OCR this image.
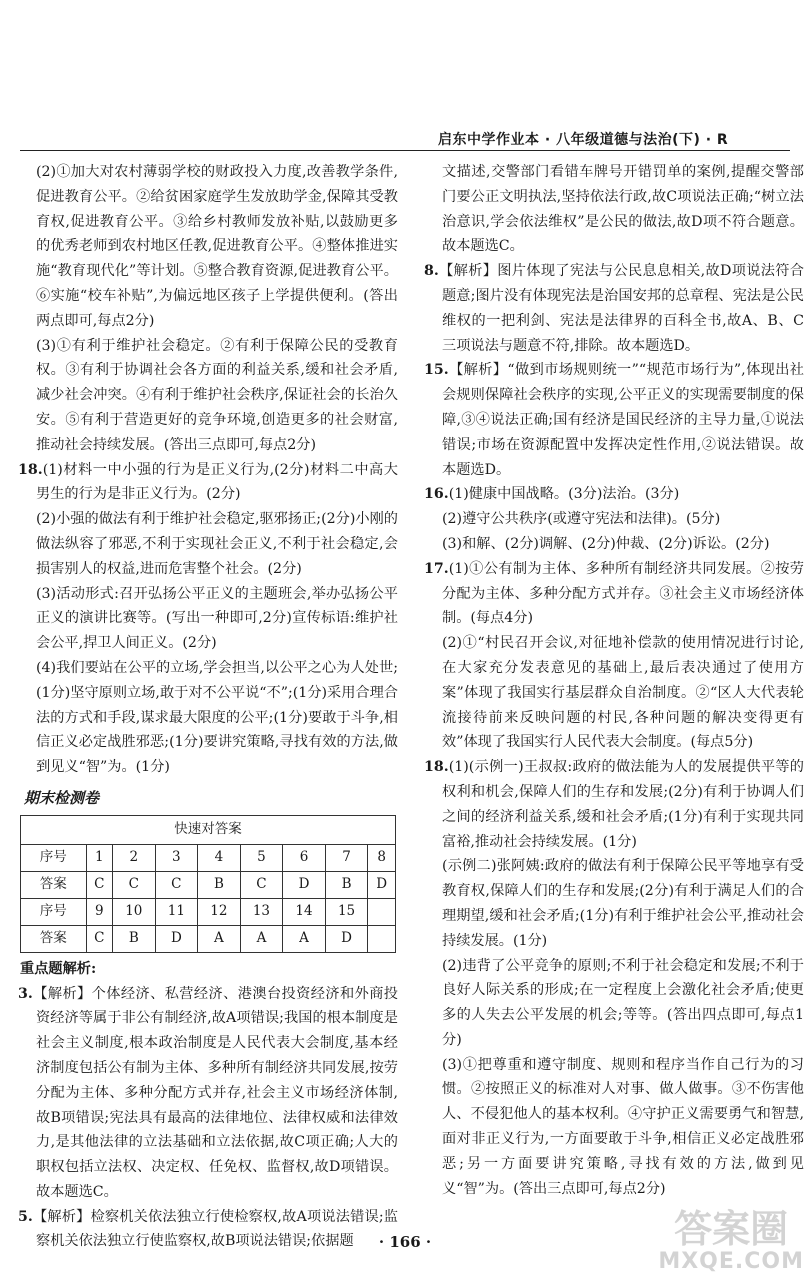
启东中学作业本 · 八年级道德与法治(下) · R

(2)①加大对农村薄弱学校的财政投入力度,改善教学条件,促进教育公平。②给贫困家庭学生发放助学金,保障其受教育权,促进教育公平。③给乡村教师发放补贴,以鼓励更多的优秀老师到农村地区任教,促进教育公平。④整体推进实施“教育现代化”等计划。⑤整合教育资源,促进教育公平。⑥实施“校车补贴”,为偏远地区孩子上学提供便利。(答出两点即可,每点2分)

(3)①有利于维护社会稳定。②有利于保障公民的受教育权。③有利于协调社会各方面的利益关系,缓和社会矛盾,减少社会冲突。④有利于维护社会秩序,保证社会的长治久安。⑤有利于营造更好的竞争环境,创造更多的社会财富,推动社会持续发展。(答出三点即可,每点2分)

18.(1)材料一中小强的行为是正义行为,(2分)材料二中高大男生的行为是非正义行为。(2分)

(2)小强的做法有利于维护社会稳定,驱邪扬正;(2分)小刚的做法纵容了邪恶,不利于实现社会正义,不利于社会稳定,会损害别人的权益,进而危害整个社会。(2分)

(3)活动形式:召开弘扬公平正义的主题班会,举办弘扬公平正义的演讲比赛等。(写出一种即可,2分)宣传标语:维护社会公平,捍卫人间正义。(2分)

(4)我们要站在公平的立场,学会担当,以公平之心为人处世;(1分)坚守原则立场,敢于对不公平说“不”;(1分)采用合理合法的方式和手段,谋求最大限度的公平;(1分)要敢于斗争,相信正义必定战胜邪恶;(1分)要讲究策略,寻找有效的方法,做到见义“智”为。(1分)

期末检测卷
快速对答案								
序号	1	2	3	4	5	6	7	8
答案	C	C	C	B	C	D	B	D
序号	9	10	11	12	13	14	15	
答案	C	B	D	A	A	A	D	
重点题解析:

3.【解析】个体经济、私营经济、港澳台投资经济和外商投资经济等属于非公有制经济,故A项错误;我国的根本制度是社会主义制度,根本政治制度是人民代表大会制度,基本经济制度包括公有制为主体、多种所有制经济共同发展,按劳分配为主体、多种分配方式并存,社会主义市场经济体制,故B项错误;宪法具有最高的法律地位、法律权威和法律效力,是其他法律的立法基础和立法依据,故C项正确;人大的职权包括立法权、决定权、任免权、监督权,故D项错误。故本题选C。

5.【解析】检察机关依法独立行使检察权,故A项说法错误;监察机关依法独立行使监察权,故B项说法错误;依据题

文描述,交警部门看错车牌号开错罚单的案例,提醒交警部门要公正文明执法,坚持依法行政,故C项说法正确;“树立法治意识,学会依法维权”是公民的做法,故D项不符合题意。故本题选C。

8.【解析】图片体现了宪法与公民息息相关,故D项说法符合题意;图片没有体现宪法是治国安邦的总章程、宪法是公民维权的一把利剑、宪法是法律界的百科全书,故A、B、C三项说法与题意不符,排除。故本题选D。

15.【解析】“做到市场规则统一”“规范市场行为”,体现出社会规则保障社会秩序的实现,公平正义的实现需要制度的保障,③④说法正确;国有经济是国民经济的主导力量,①说法错误;市场在资源配置中发挥决定性作用,②说法错误。故本题选D。

16.(1)健康中国战略。(3分)法治。(3分)

(2)遵守公共秩序(或遵守宪法和法律)。(5分)

(3)和解、(2分)调解、(2分)仲裁、(2分)诉讼。(2分)

17.(1)①公有制为主体、多种所有制经济共同发展。②按劳分配为主体、多种分配方式并存。③社会主义市场经济体制。(每点4分)

(2)①“村民召开会议,对征地补偿款的使用情况进行讨论,在大家充分发表意见的基础上,最后表决通过了使用方案”体现了我国实行基层群众自治制度。②“区人大代表轮流接待前来反映问题的村民,各种问题的解决变得更有效”体现了我国实行人民代表大会制度。(每点5分)

18.(1)(示例一)王叔叔:政府的做法能为人的发展提供平等的权利和机会,保障人们的生存和发展;(2分)有利于协调人们之间的经济利益关系,缓和社会矛盾;(1分)有利于实现共同富裕,推动社会持续发展。(1分)

(示例二)张阿姨:政府的做法有利于保障公民平等地享有受教育权,保障人们的生存和发展;(2分)有利于满足人们的合理期望,缓和社会矛盾;(1分)有利于维护社会公平,推动社会持续发展。(1分)

(2)违背了公平竞争的原则;不利于社会稳定和发展;不利于良好人际关系的形成;在一定程度上会激化社会矛盾;使更多的人失去公平发展的机会;等等。(答出四点即可,每点1分)

(3)①把尊重和遵守制度、规则和程序当作自己行为的习惯。②按照正义的标准对人对事、做人做事。③不伤害他人、不侵犯他人的基本权利。④守护正义需要勇气和智慧,面对非正义行为,一方面要敢于斗争,相信正义必定战胜邪恶;另一方面要讲究策略,寻找有效的方法,做到见义“智”为。(答出三点即可,每点2分)

· 166 ·	答案圈
MXQE.COM
